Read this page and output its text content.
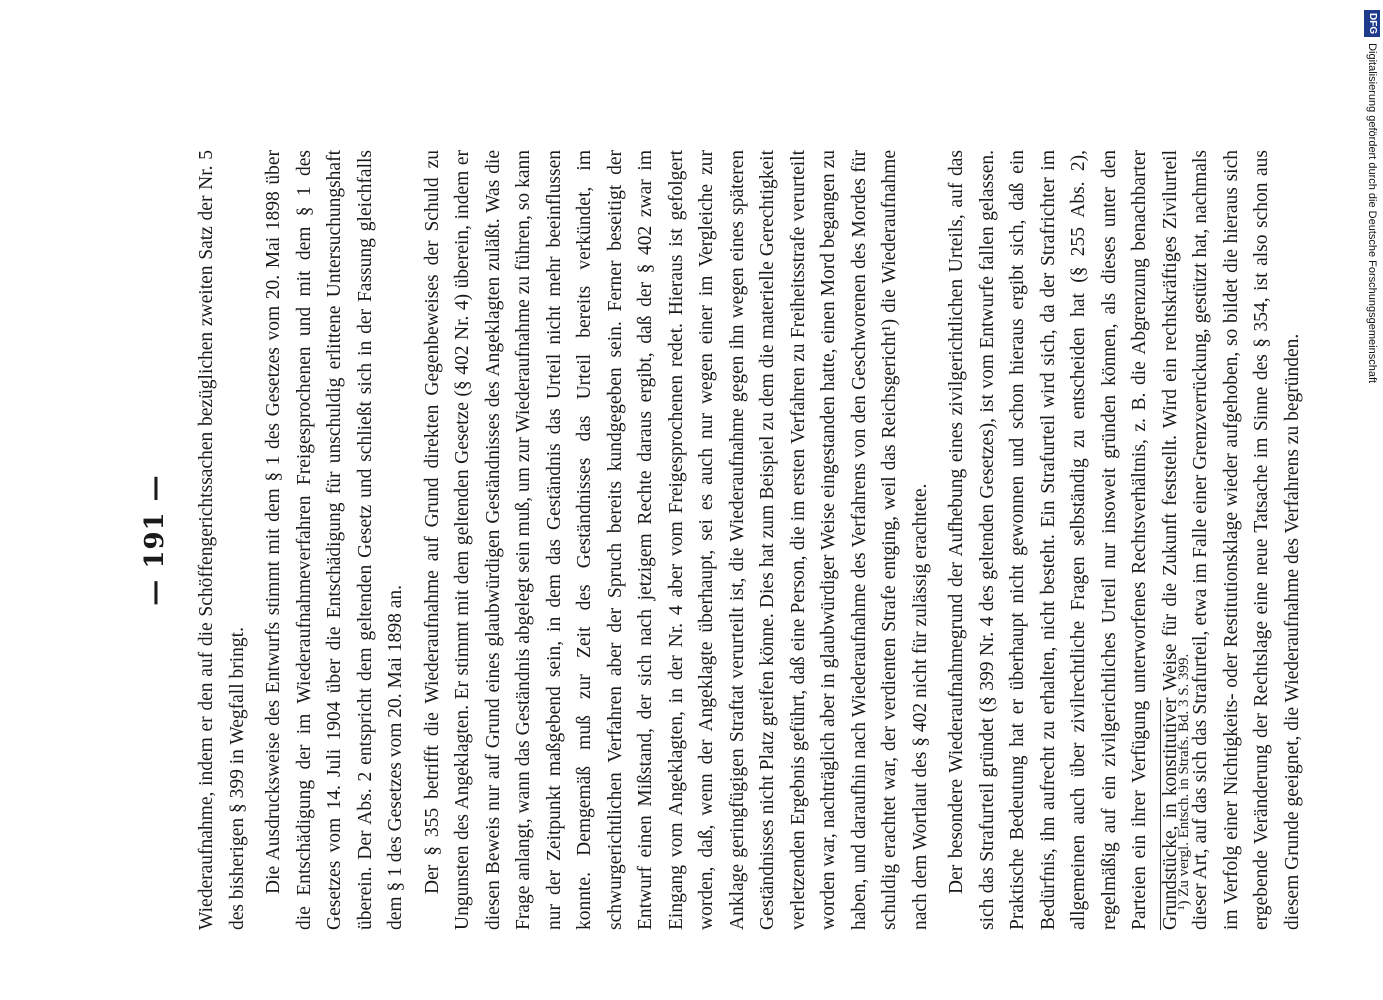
— 191 —	Wiederaufnahme, indem er den auf die Schöffengerichtssachen bezüglichen zweiten Satz der Nr. 5 des bisherigen § 399 in Wegfall bringt. Die Ausdrucksweise des Entwurfs stimmt mit dem § 1 des Gesetzes vom 20. Mai 1898 über die Entschädigung der im Wiederaufnahmeverfahren Freigesprochenen und mit dem § 1 des Gesetzes vom 14. Juli 1904 über die Entschädigung für unschuldig erlittene Untersuchungshaft überein. Der Abs. 2 entspricht dem geltenden Gesetz und schließt sich in der Fassung gleichfalls dem § 1 des Gesetzes vom 20. Mai 1898 an. Der § 355 betrifft die Wiederaufnahme auf Grund direkten Gegenbeweises der Schuld zu Ungunsten des Angeklagten. Er stimmt mit dem geltenden Gesetze (§ 402 Nr. 4) überein, indem er diesen Beweis nur auf Grund eines glaubwürdigen Geständnisses des Angeklagten zuläßt. Was die Frage anlangt, wann das Geständnis abgelegt sein muß, um zur Wiederaufnahme zu führen, so kann nur der Zeitpunkt maßgebend sein, in dem das Geständnis das Urteil nicht mehr beeinflussen konnte. Demgemäß muß zur Zeit des Geständnisses das Urteil bereits verkündet, im schwurgerichtlichen Verfahren aber der Spruch bereits kundgegeben sein. Ferner beseitigt der Entwurf einen Mißstand, der sich nach jetzigem Rechte daraus ergibt, daß der § 402 zwar im Eingang vom Angeklagten, in der Nr. 4 aber vom Freigesprochenen redet. Hieraus ist gefolgert worden, daß, wenn der Angeklagte überhaupt, sei es auch nur wegen einer im Vergleiche zur Anklage geringfügigen Straftat verurteilt ist, die Wiederaufnahme gegen ihn wegen eines späteren Geständnisses nicht Platz greifen könne. Dies hat zum Beispiel zu dem die materielle Gerechtigkeit verletzenden Ergebnis geführt, daß eine Person, die im ersten Verfahren zu Freiheitsstrafe verurteilt worden war, nachträglich aber in glaubwürdiger Weise eingestanden hatte, einen Mord begangen zu haben, und daraufhin nach Wiederaufnahme des Verfahrens von den Geschworenen des Mordes für schuldig erachtet war, der verdienten Strafe entging, weil das Reichsgericht¹) die Wiederaufnahme nach dem Wortlaut des § 402 nicht für zulässig erachtete. Der besondere Wiederaufnahmegrund der Aufhebung eines zivilgerichtlichen Urteils, auf das sich das Strafurteil gründet (§ 399 Nr. 4 des geltenden Gesetzes), ist vom Entwurfe fallen gelassen. Praktische Bedeutung hat er überhaupt nicht gewonnen und schon hieraus ergibt sich, daß ein Bedürfnis, ihn aufrecht zu erhalten, nicht besteht. Ein Strafurteil wird sich, da der Strafrichter im allgemeinen auch über zivilrechtliche Fragen selbständig zu entscheiden hat (§ 255 Abs. 2), regelmäßig auf ein zivilgerichtliches Urteil nur insoweit gründen können, als dieses unter den Parteien ein ihrer Verfügung unterworfenes Rechtsverhältnis, z. B. die Abgrenzung benachbarter Grundstücke, in konstitutiver Weise für die Zukunft feststellt. Wird ein rechtskräftiges Zivilurteil dieser Art, auf das sich das Strafurteil, etwa im Falle einer Grenzverrückung, gestützt hat, nachmals im Verfolg einer Nichtigkeits- oder Restitutionsklage wieder aufgehoben, so bildet die hieraus sich ergebende Veränderung der Rechtslage eine neue Tatsache im Sinne des § 354, ist also schon aus diesem Grunde geeignet, die Wiederaufnahme des Verfahrens zu begründen.

¹) Zu vergl. Entsch. in Strafs. Bd. 3 S. 399.
DFG
Digitalisierung gefördert durch die Deutsche Forschungsgemeinschaft
